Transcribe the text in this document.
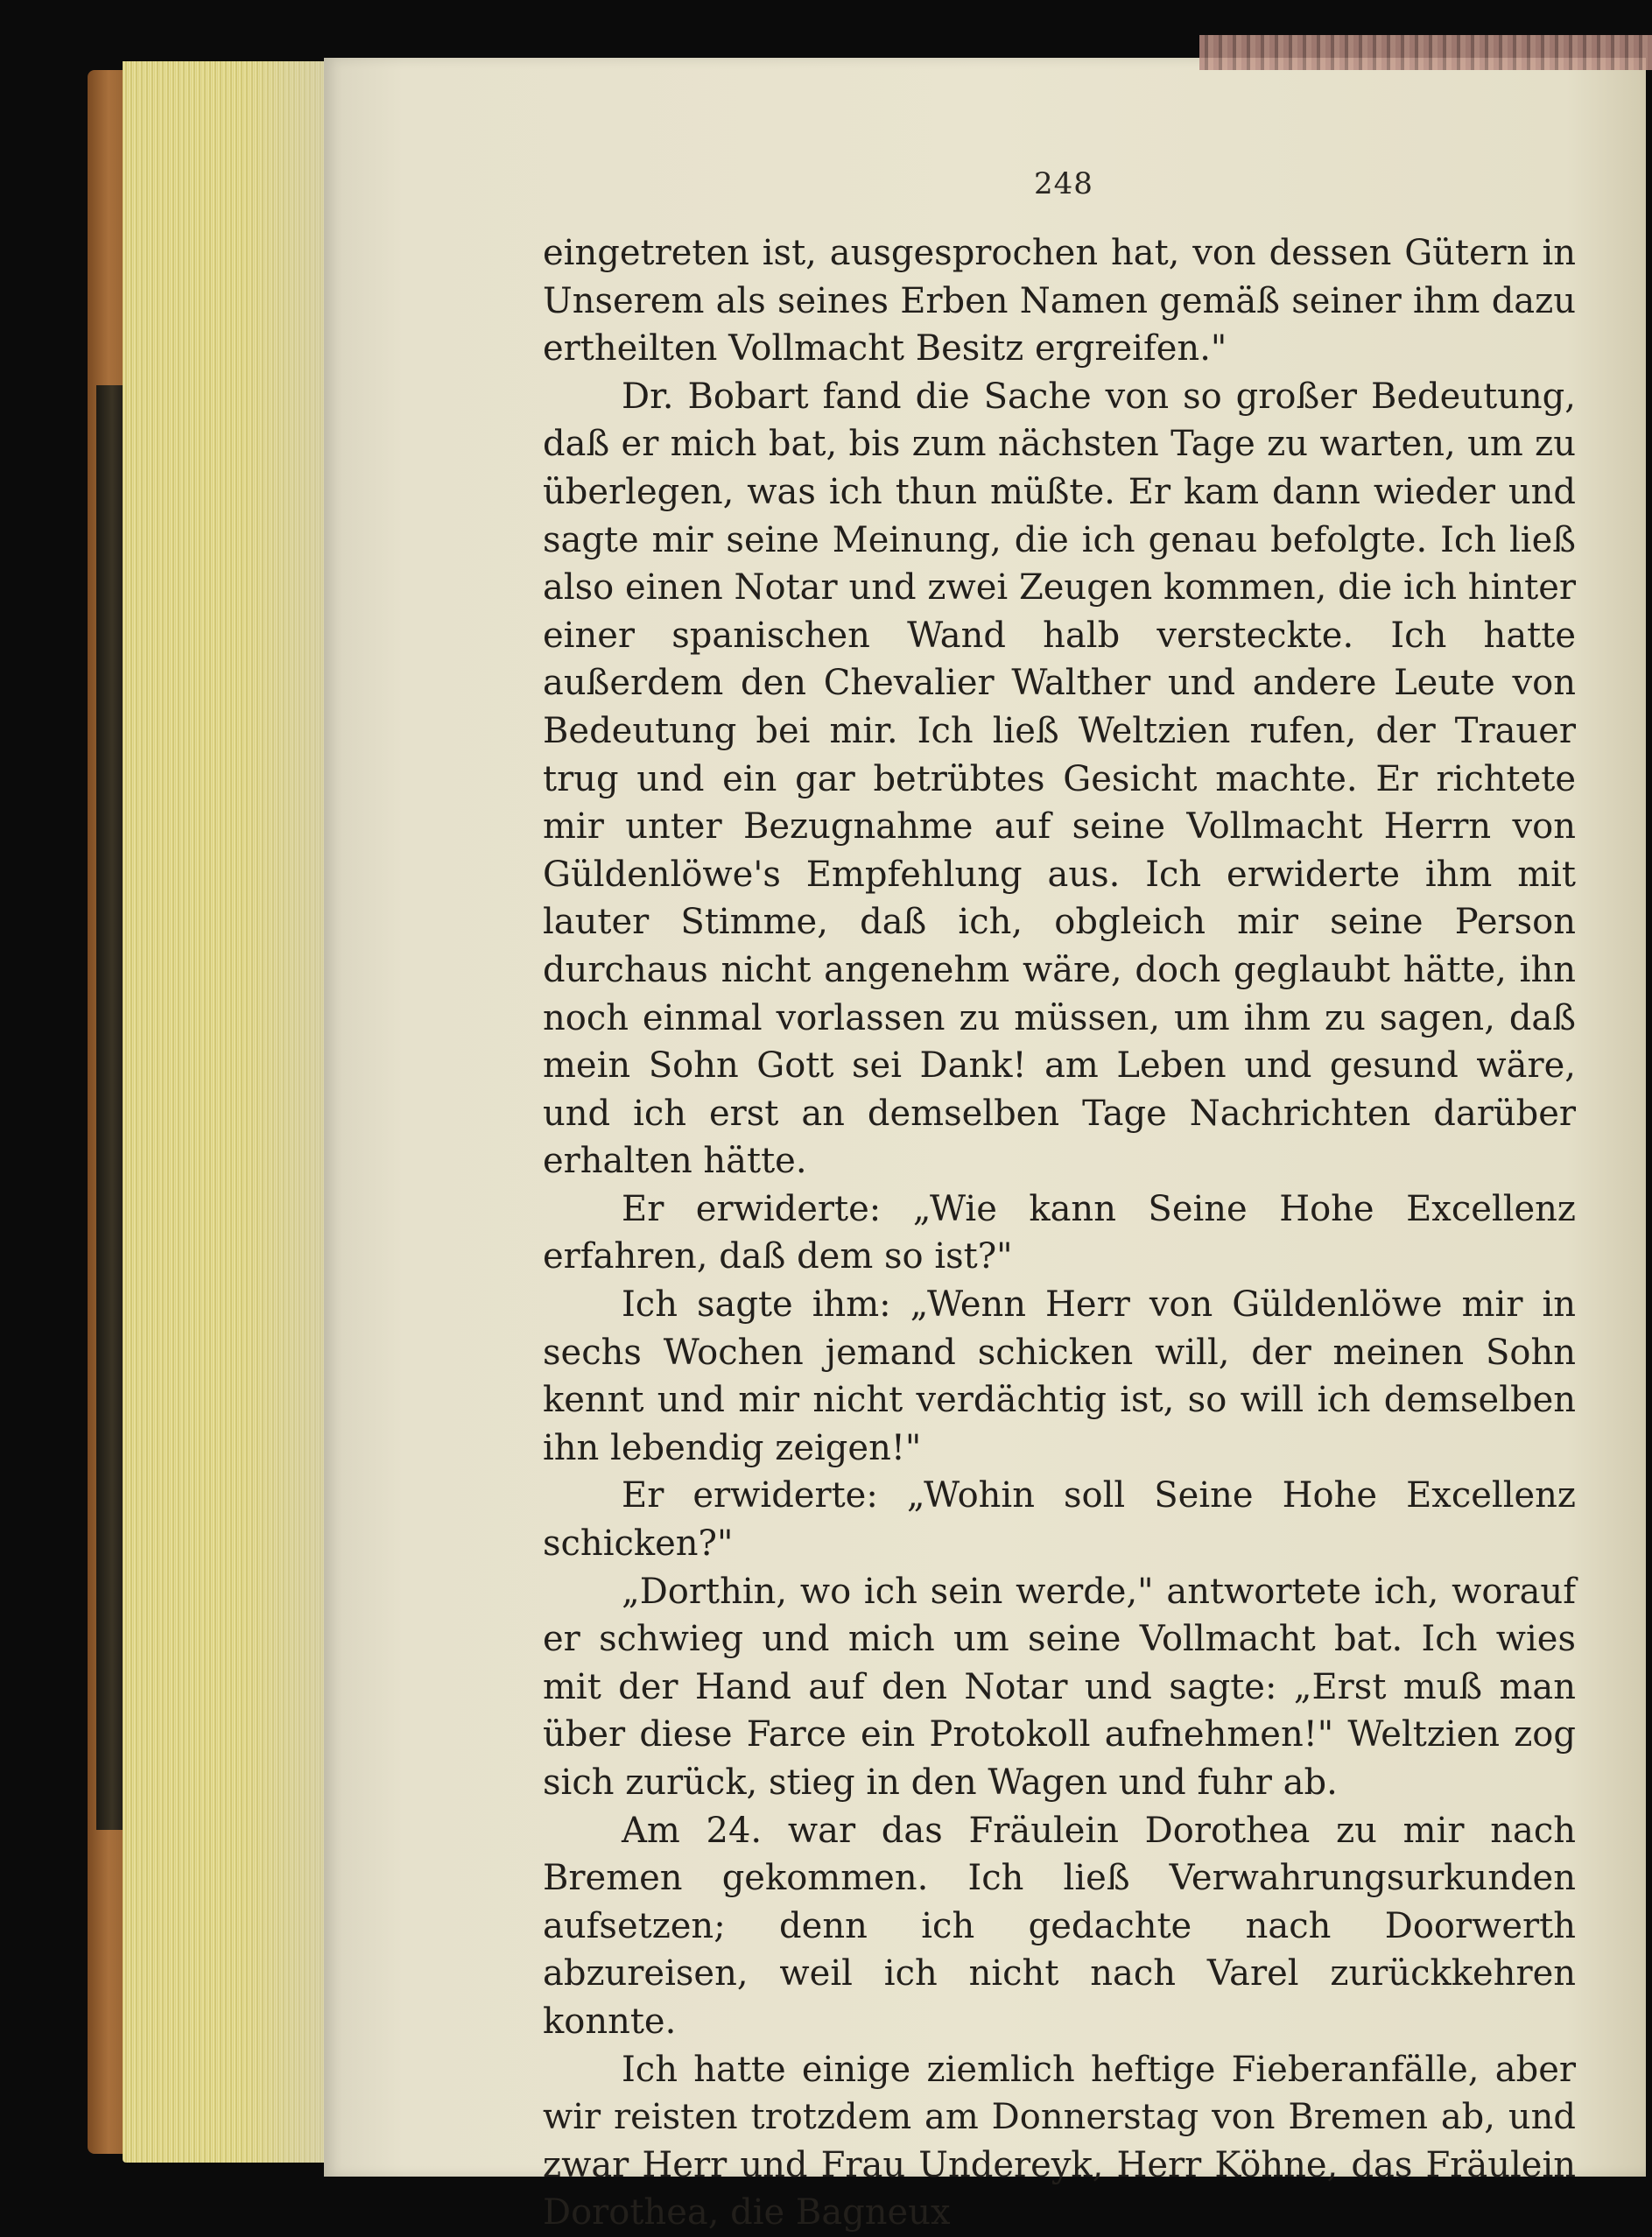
248

eingetreten ist, ausgesprochen hat, von dessen Gütern in Unserem als seines Erben Namen gemäß seiner ihm dazu ertheilten Vollmacht Besitz ergreifen."

Dr. Bobart fand die Sache von so großer Bedeutung, daß er mich bat, bis zum nächsten Tage zu warten, um zu überlegen, was ich thun müßte. Er kam dann wieder und sagte mir seine Meinung, die ich genau befolgte. Ich ließ also einen Notar und zwei Zeugen kommen, die ich hinter einer spanischen Wand halb versteckte. Ich hatte außerdem den Chevalier Walther und andere Leute von Bedeutung bei mir. Ich ließ Weltzien rufen, der Trauer trug und ein gar betrübtes Gesicht machte. Er richtete mir unter Bezugnahme auf seine Vollmacht Herrn von Güldenlöwe's Empfehlung aus. Ich erwiderte ihm mit lauter Stimme, daß ich, obgleich mir seine Person durchaus nicht angenehm wäre, doch geglaubt hätte, ihn noch einmal vorlassen zu müssen, um ihm zu sagen, daß mein Sohn Gott sei Dank! am Leben und gesund wäre, und ich erst an demselben Tage Nachrichten darüber erhalten hätte.

Er erwiderte: „Wie kann Seine Hohe Excellenz erfahren, daß dem so ist?"

Ich sagte ihm: „Wenn Herr von Güldenlöwe mir in sechs Wochen jemand schicken will, der meinen Sohn kennt und mir nicht verdächtig ist, so will ich demselben ihn lebendig zeigen!"

Er erwiderte: „Wohin soll Seine Hohe Excellenz schicken?"

„Dorthin, wo ich sein werde," antwortete ich, worauf er schwieg und mich um seine Vollmacht bat. Ich wies mit der Hand auf den Notar und sagte: „Erst muß man über diese Farce ein Protokoll aufnehmen!" Weltzien zog sich zurück, stieg in den Wagen und fuhr ab.

Am 24. war das Fräulein Dorothea zu mir nach Bremen gekommen. Ich ließ Verwahrungsurkunden aufsetzen; denn ich gedachte nach Doorwerth abzureisen, weil ich nicht nach Varel zurückkehren konnte.

Ich hatte einige ziemlich heftige Fieberanfälle, aber wir reisten trotzdem am Donnerstag von Bremen ab, und zwar Herr und Frau Undereyk, Herr Köhne, das Fräulein Dorothea, die Bagneux
